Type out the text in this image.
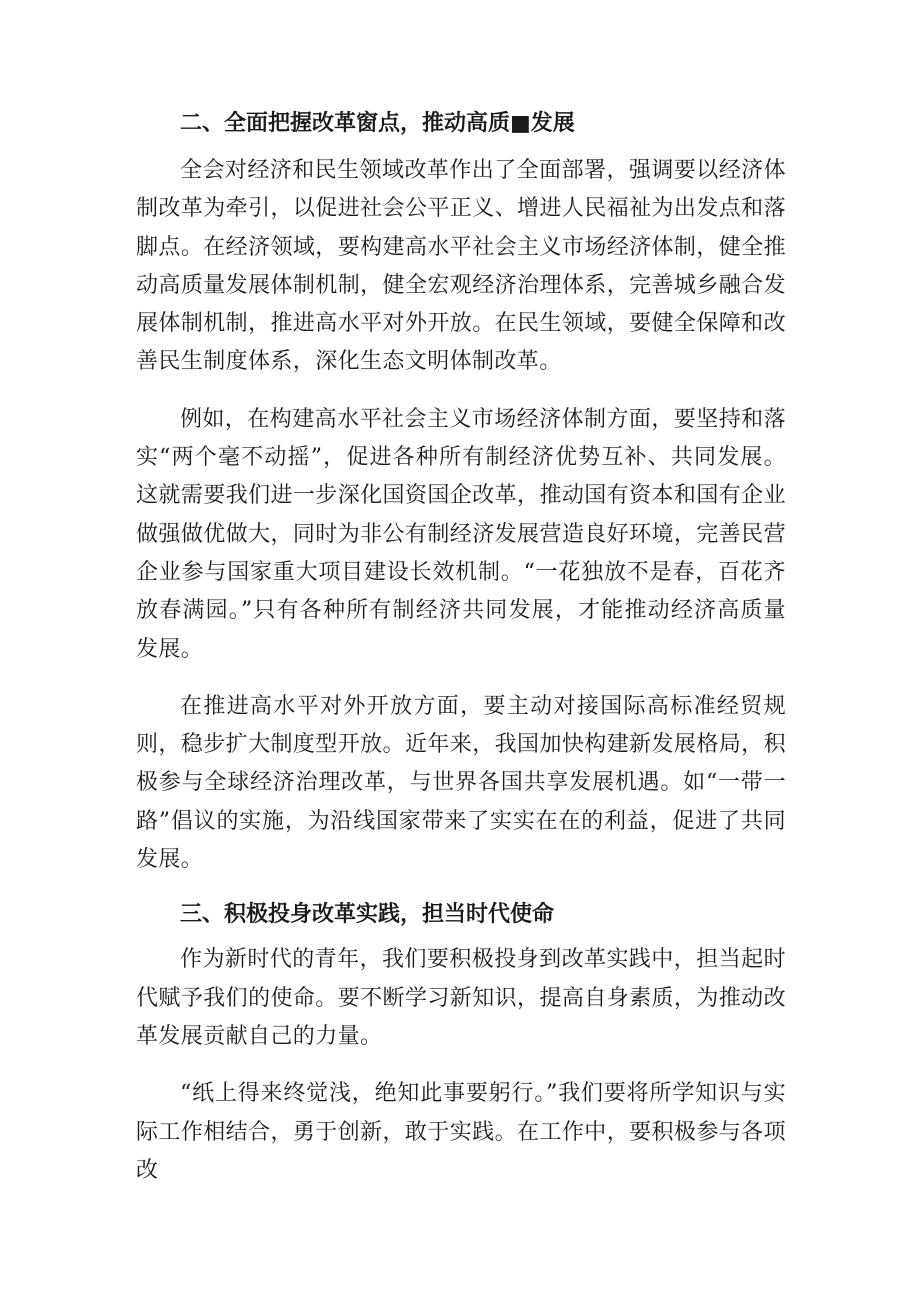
二、全面把握改革窗点，推动高质■发展

全会对经济和民生领域改革作出了全面部署，强调要以经济体制改革为牵引，以促进社会公平正义、增进人民福祉为出发点和落脚点。在经济领域，要构建高水平社会主义市场经济体制，健全推动高质量发展体制机制，健全宏观经济治理体系，完善城乡融合发展体制机制，推进高水平对外开放。在民生领域，要健全保障和改善民生制度体系，深化生态文明体制改革。

例如，在构建高水平社会主义市场经济体制方面，要坚持和落实“两个毫不动摇”，促进各种所有制经济优势互补、共同发展。这就需要我们进一步深化国资国企改革，推动国有资本和国有企业做强做优做大，同时为非公有制经济发展营造良好环境，完善民营企业参与国家重大项目建设长效机制。“一花独放不是春，百花齐放春满园。”只有各种所有制经济共同发展，才能推动经济高质量发展。

在推进高水平对外开放方面，要主动对接国际高标准经贸规则，稳步扩大制度型开放。近年来，我国加快构建新发展格局，积极参与全球经济治理改革，与世界各国共享发展机遇。如“一带一路”倡议的实施，为沿线国家带来了实实在在的利益，促进了共同发展。

三、积极投身改革实践，担当时代使命

作为新时代的青年，我们要积极投身到改革实践中，担当起时代赋予我们的使命。要不断学习新知识，提高自身素质，为推动改革发展贡献自己的力量。

“纸上得来终觉浅，绝知此事要躬行。”我们要将所学知识与实际工作相结合，勇于创新，敢于实践。在工作中，要积极参与各项改
